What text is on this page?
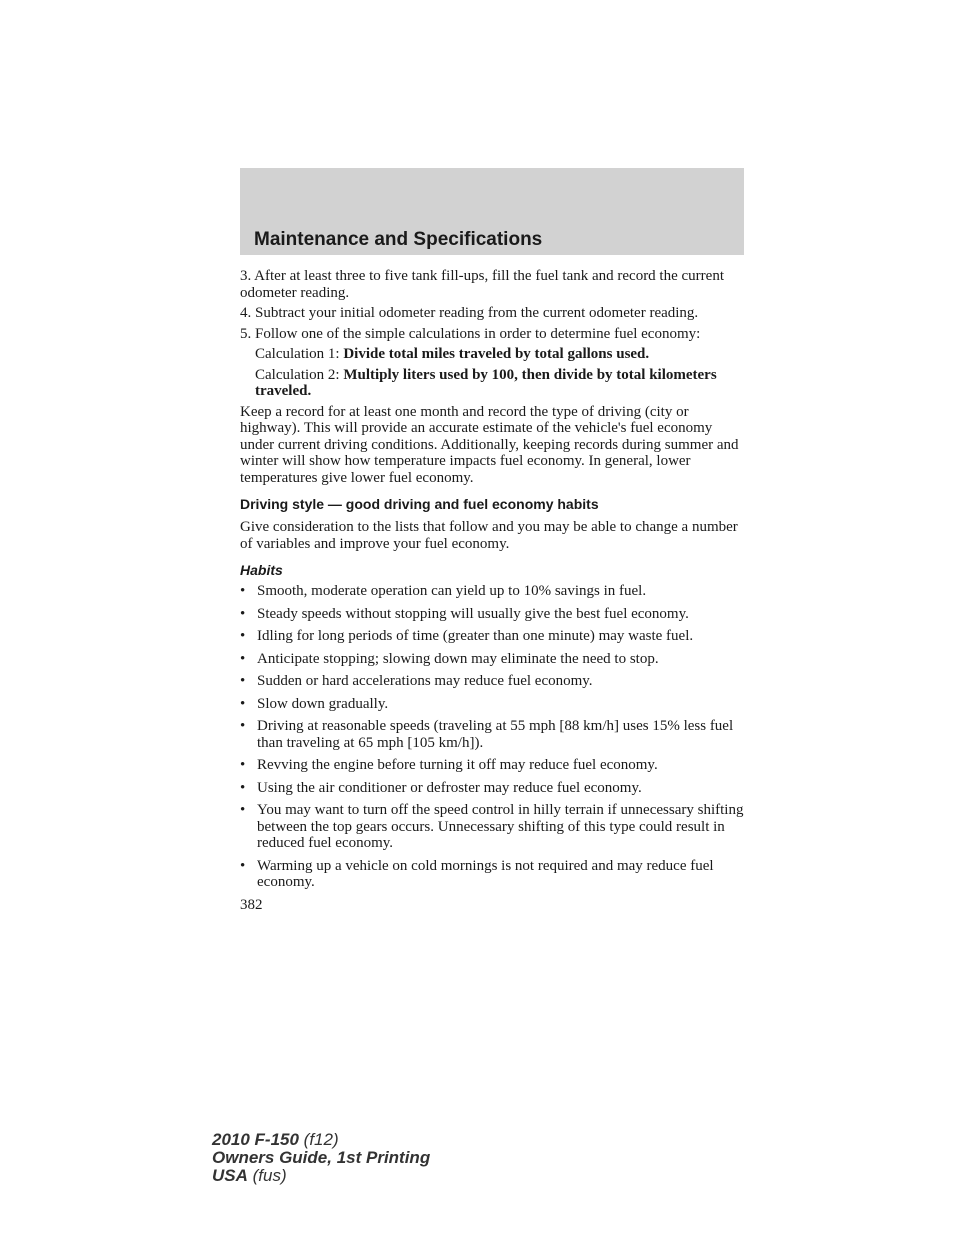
Maintenance and Specifications

3. After at least three to five tank fill-ups, fill the fuel tank and record the current odometer reading.

4. Subtract your initial odometer reading from the current odometer reading.

5. Follow one of the simple calculations in order to determine fuel economy:

Calculation 1: Divide total miles traveled by total gallons used.

Calculation 2: Multiply liters used by 100, then divide by total kilometers traveled.

Keep a record for at least one month and record the type of driving (city or highway). This will provide an accurate estimate of the vehicle's fuel economy under current driving conditions. Additionally, keeping records during summer and winter will show how temperature impacts fuel economy. In general, lower temperatures give lower fuel economy.

Driving style — good driving and fuel economy habits

Give consideration to the lists that follow and you may be able to change a number of variables and improve your fuel economy.

Habits
• Smooth, moderate operation can yield up to 10% savings in fuel.
• Steady speeds without stopping will usually give the best fuel economy.
• Idling for long periods of time (greater than one minute) may waste fuel.
• Anticipate stopping; slowing down may eliminate the need to stop.
• Sudden or hard accelerations may reduce fuel economy.
• Slow down gradually.
• Driving at reasonable speeds (traveling at 55 mph [88 km/h] uses 15% less fuel than traveling at 65 mph [105 km/h]).
• Revving the engine before turning it off may reduce fuel economy.
• Using the air conditioner or defroster may reduce fuel economy.
• You may want to turn off the speed control in hilly terrain if unnecessary shifting between the top gears occurs. Unnecessary shifting of this type could result in reduced fuel economy.
• Warming up a vehicle on cold mornings is not required and may reduce fuel economy.
382
2010 F-150 (f12)
Owners Guide, 1st Printing
USA (fus)
